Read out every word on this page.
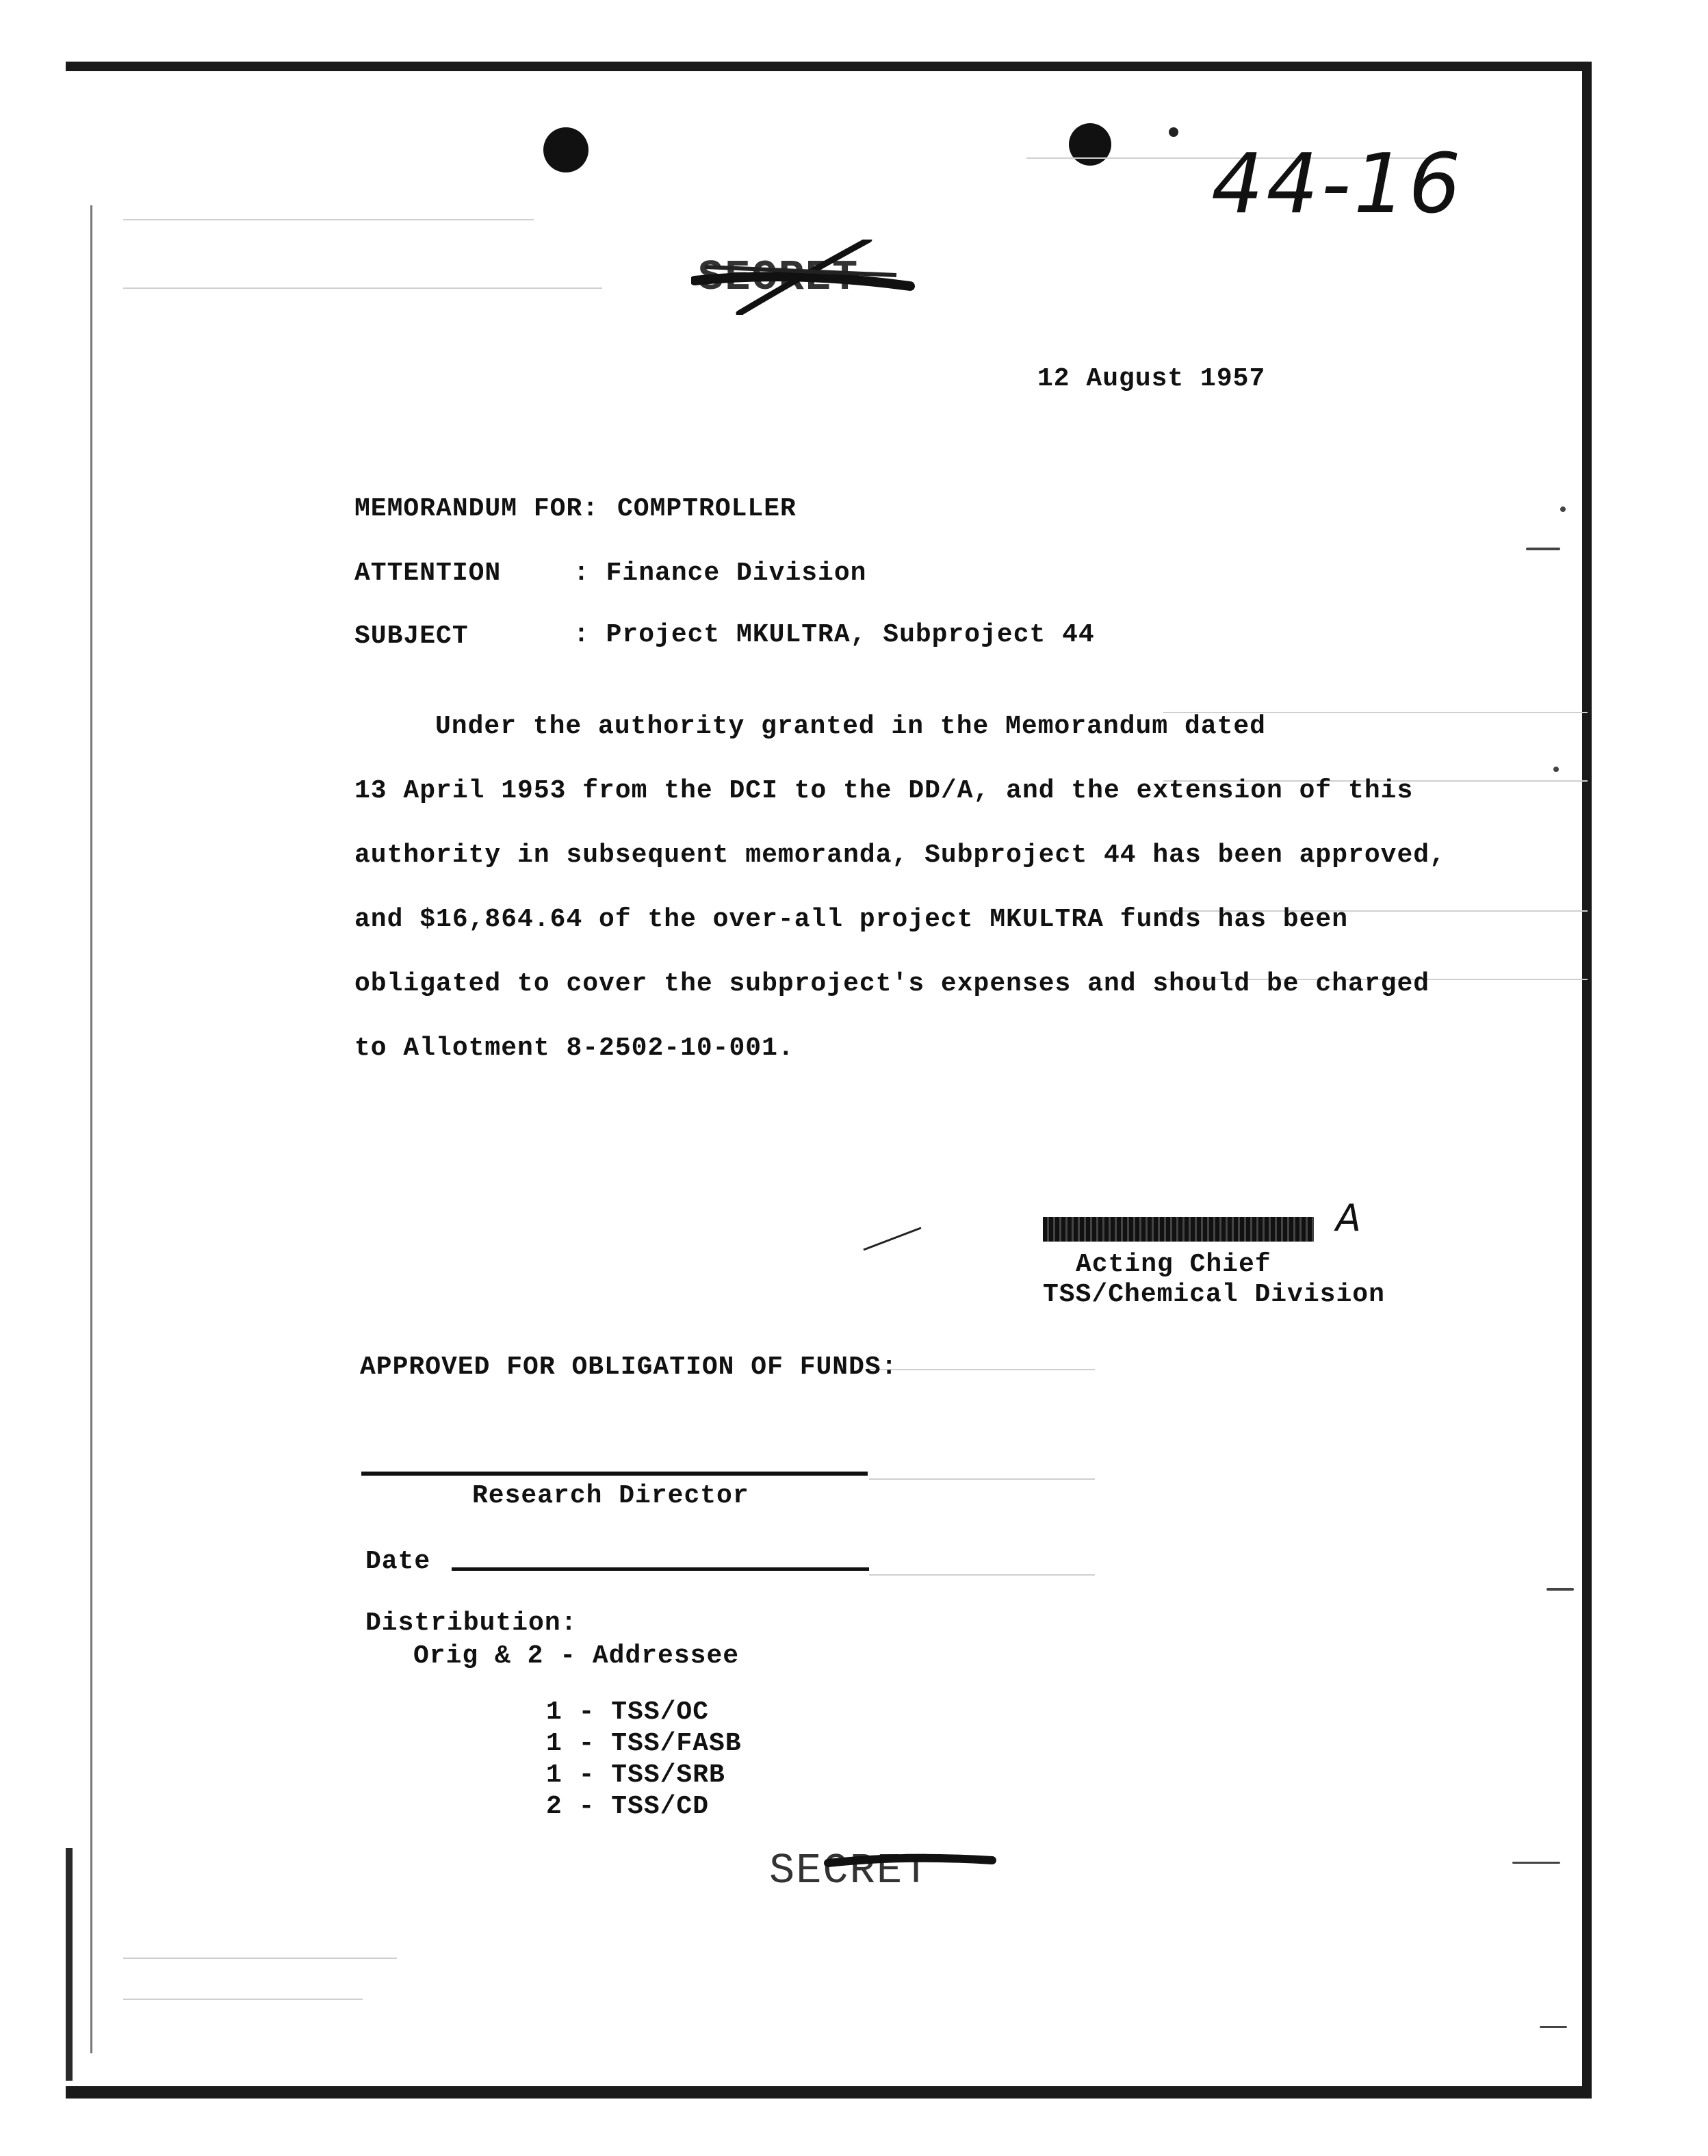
44-16
SECRET
12 August 1957
MEMORANDUM FOR: COMPTROLLER
ATTENTION	: Finance Division
SUBJECT	: Project MKULTRA, Subproject 44
Under the authority granted in the Memorandum dated
13 April 1953 from the DCI to the DD/A, and the extension of this
authority in subsequent memoranda, Subproject 44 has been approved,
and $16,864.64 of the over-all project MKULTRA funds has been
obligated to cover the subproject's expenses and should be charged
to Allotment 8-2502-10-001.
A
Acting Chief
TSS/Chemical Division
APPROVED FOR OBLIGATION OF FUNDS:
Research Director
Date
Distribution:
Orig & 2 - Addressee
1 - TSS/OC
1 - TSS/FASB
1 - TSS/SRB
2 - TSS/CD
SECRET
